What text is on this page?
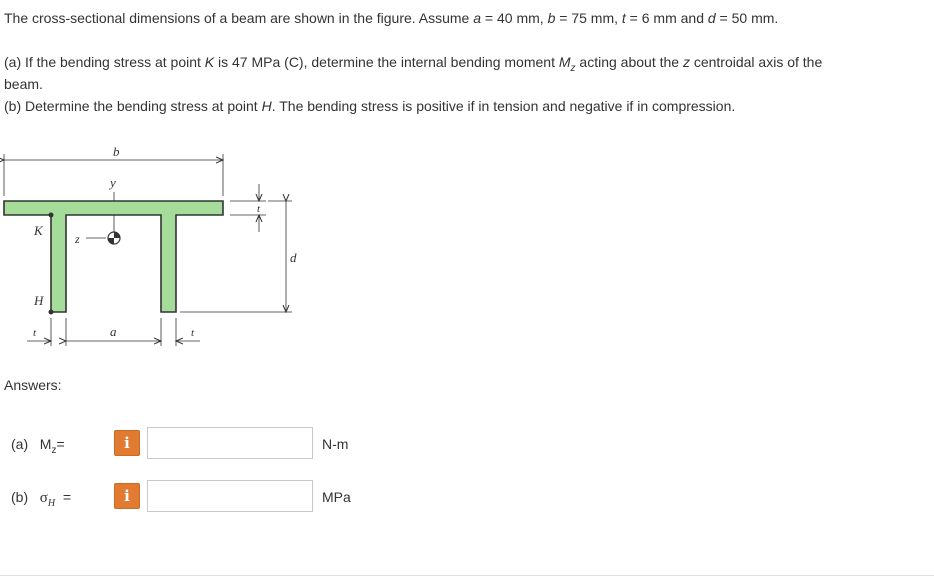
The cross-sectional dimensions of a beam are shown in the figure. Assume a = 40 mm, b = 75 mm, t = 6 mm and d = 50 mm.
(a) If the bending stress at point K is 47 MPa (C), determine the internal bending moment $M_z$ acting about the z centroidal axis of the
beam.
(b) Determine the bending stress at point H. The bending stress is positive if in tension and negative if in compression.
b
y
z
K
H
t
d
t	a	t
Answers:
(a) $M_z=$	i	N-m
(b) $\sigma_H$ =	i	MPa
